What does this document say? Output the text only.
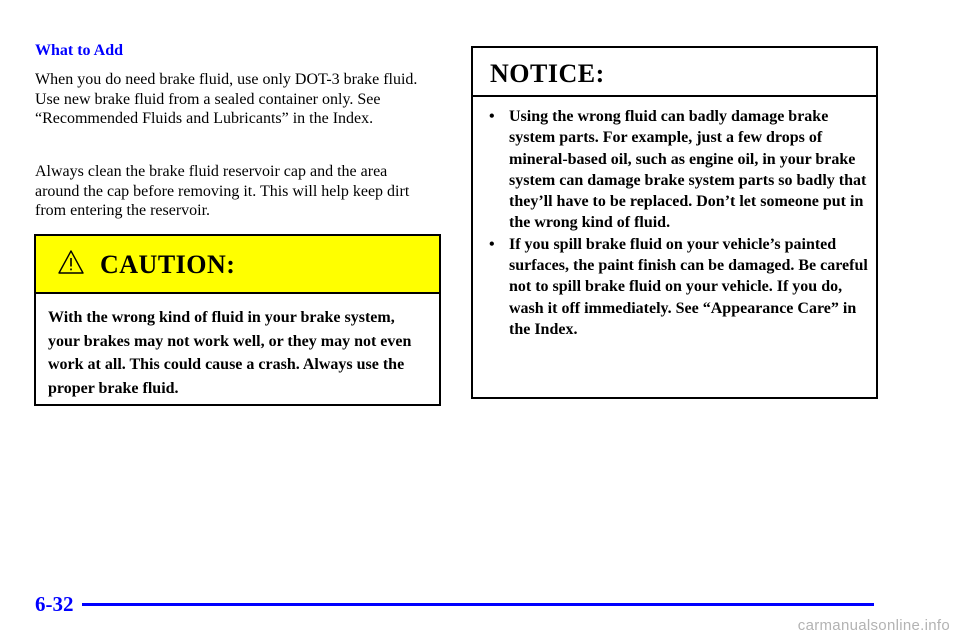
What to Add

When you do need brake fluid, use only DOT-3 brake fluid. Use new brake fluid from a sealed container only. See “Recommended Fluids and Lubricants” in the Index.

Always clean the brake fluid reservoir cap and the area around the cap before removing it. This will help keep dirt from entering the reservoir.

CAUTION:
With the wrong kind of fluid in your brake system, your brakes may not work well, or they may not even work at all. This could cause a crash. Always use the proper brake fluid.
NOTICE:
• Using the wrong fluid can badly damage brake system parts. For example, just a few drops of mineral-based oil, such as engine oil, in your brake system can damage brake system parts so badly that they’ll have to be replaced. Don’t let someone put in the wrong kind of fluid.
• If you spill brake fluid on your vehicle’s painted surfaces, the paint finish can be damaged. Be careful not to spill brake fluid on your vehicle. If you do, wash it off immediately. See “Appearance Care” in the Index.
6-32
carmanualsonline.info
